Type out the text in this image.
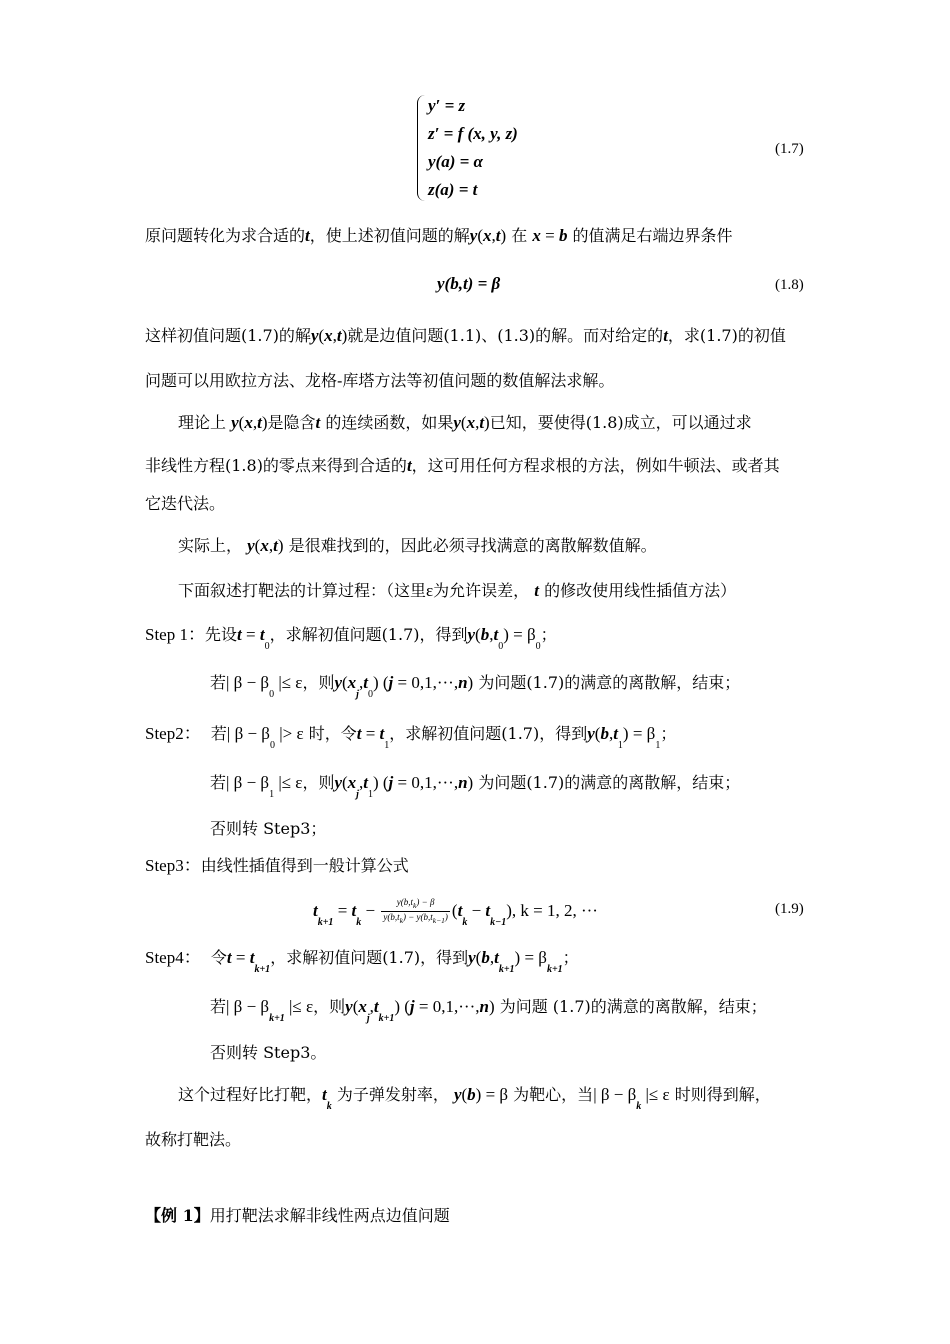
y′ = z
z′ = f (x, y, z)
y(a) = α
z(a) = t
(1.7)
原问题转化为求合适的t，使上述初值问题的解y(x,t) 在 x = b 的值满足右端边界条件
y(b,t) = β	(1.8)
这样初值问题(1.7)的解y(x,t)就是边值问题(1.1)、(1.3)的解。而对给定的t，求(1.7)的初值
问题可以用欧拉方法、龙格-库塔方法等初值问题的数值解法求解。
理论上 y(x,t)是隐含t 的连续函数，如果y(x,t)已知，要使得(1.8)成立，可以通过求
非线性方程(1.8)的零点来得到合适的t，这可用任何方程求根的方法，例如牛顿法、或者其
它迭代法。
实际上， y(x,t) 是很难找到的，因此必须寻找满意的离散解数值解。
下面叙述打靶法的计算过程：（这里ε为允许误差， t 的修改使用线性插值方法）
Step 1：先设$t = t_0$，求解初值问题(1.7)，得到$y(b,t_0) = \beta_0$；
若| $\beta - \beta_0$ |≤ ε，则$y(x_j,t_0) (j = 0,1,\cdot\cdot\cdot,n)$ 为问题(1.7)的满意的离散解，结束；
Step2： 若| $\beta - \beta_0$ |> ε 时，令$t = t_1$，求解初值问题(1.7)，得到$y(b,t_1) = \beta_1$；
若| $\beta - \beta_1$ |≤ ε，则$y(x_j,t_1) (j = 0,1,\cdot\cdot\cdot,n)$ 为问题(1.7)的满意的离散解，结束；
否则转 Step3；
Step3：由线性插值得到一般计算公式
$t_{k+1} = t_k - \frac{y(b,t_k) - \beta}{y(b,t_k) - y(b,t_{k-1})} (t_k - t_{k-1})$, k = 1, 2, ···	(1.9)
Step4： 令$t = t_{k+1}$，求解初值问题(1.7)，得到$y(b,t_{k+1}) = \beta_{k+1}$；
若| $\beta - \beta_{k+1}$ |≤ ε，则$y(x_j,t_{k+1}) (j = 0,1,\cdot\cdot\cdot,n)$ 为问题 (1.7)的满意的离散解，结束；
否则转 Step3。
这个过程好比打靶，$t_k$ 为子弹发射率， y(b) = β 为靶心，当| $\beta - \beta_k$ |≤ ε 时则得到解，
故称打靶法。
【例 1】用打靶法求解非线性两点边值问题
